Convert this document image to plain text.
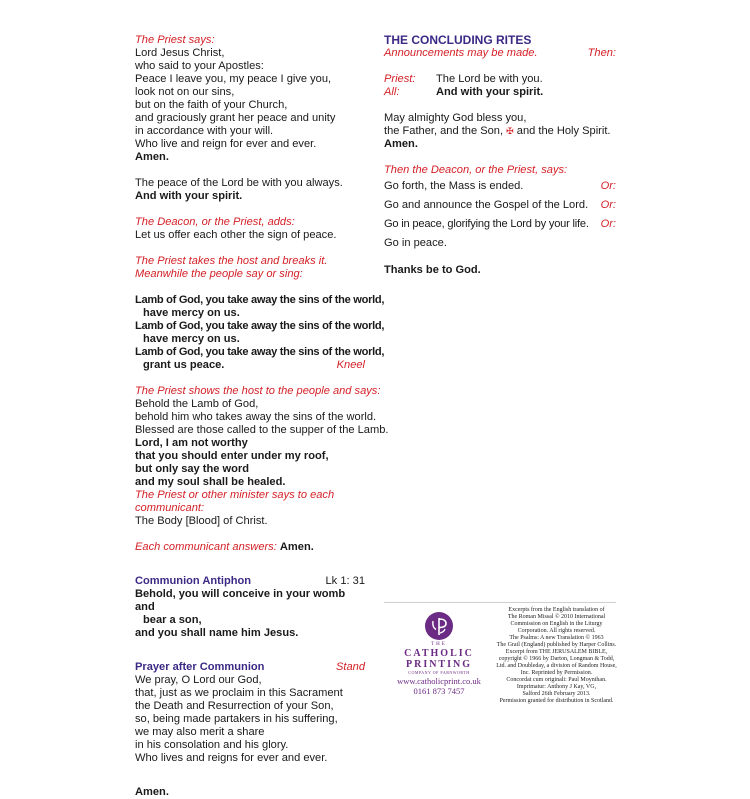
The Priest says:
Lord Jesus Christ,
who said to your Apostles:
Peace I leave you, my peace I give you,
look not on our sins,
but on the faith of your Church,
and graciously grant her peace and unity
in accordance with your will.
Who live and reign for ever and ever.
Amen.
The peace of the Lord be with you always.
And with your spirit.
The Deacon, or the Priest, adds:
Let us offer each other the sign of peace.
The Priest takes the host and breaks it.
Meanwhile the people say or sing:
Lamb of God, you take away the sins of the world,
have mercy on us.
Lamb of God, you take away the sins of the world,
have mercy on us.
Lamb of God, you take away the sins of the world,
grant us peace.	Kneel
The Priest shows the host to the people and says:
Behold the Lamb of God,
behold him who takes away the sins of the world.
Blessed are those called to the supper of the Lamb.
Lord, I am not worthy
that you should enter under my roof,
but only say the word
and my soul shall be healed.
The Priest or other minister says to each
communicant:
The Body [Blood] of Christ.
Each communicant answers: Amen.
Communion Antiphon	Lk 1: 31
Behold, you will conceive in your womb and
bear a son,
and you shall name him Jesus.
Prayer after Communion	Stand
We pray, O Lord our God,
that, just as we proclaim in this Sacrament
the Death and Resurrection of your Son,
so, being made partakers in his suffering,
we may also merit a share
in his consolation and his glory.
Who lives and reigns for ever and ever.
Amen.
THE CONCLUDING RITES
Announcements may be made.	Then:
Priest:	The Lord be with you.
All:	And with your spirit.
May almighty God bless you,
the Father, and the Son, ✠ and the Holy Spirit.
Amen.
Then the Deacon, or the Priest, says:
Go forth, the Mass is ended.	Or:
Go and announce the Gospel of the Lord. Or:
Go in peace, glorifying the Lord by your life. Or:
Go in peace.
Thanks be to God.
THE
CATHOLIC
PRINTING
COMPANY OF FARNWORTH
www.catholicprint.co.uk
0161 873 7457
Excerpts from the English translation of
The Roman Missal © 2010 International
Commission on English in the Liturgy
Corporation. All rights reserved.
The Psalms: A new Translation © 1963
The Grail (England) published by Harper Collins.
Excerpt from THE JERUSALEM BIBLE,
copyright © 1966 by Darton, Longman & Todd,
Ltd. and Doubleday, a division of Random House,
Inc. Reprinted by Permission.
Concordat cum originali: Paul Moynihan.
Imprimatur: Anthony J Kay, VG,
Salford 26th February 2013.
Permission granted for distribution in Scotland.
